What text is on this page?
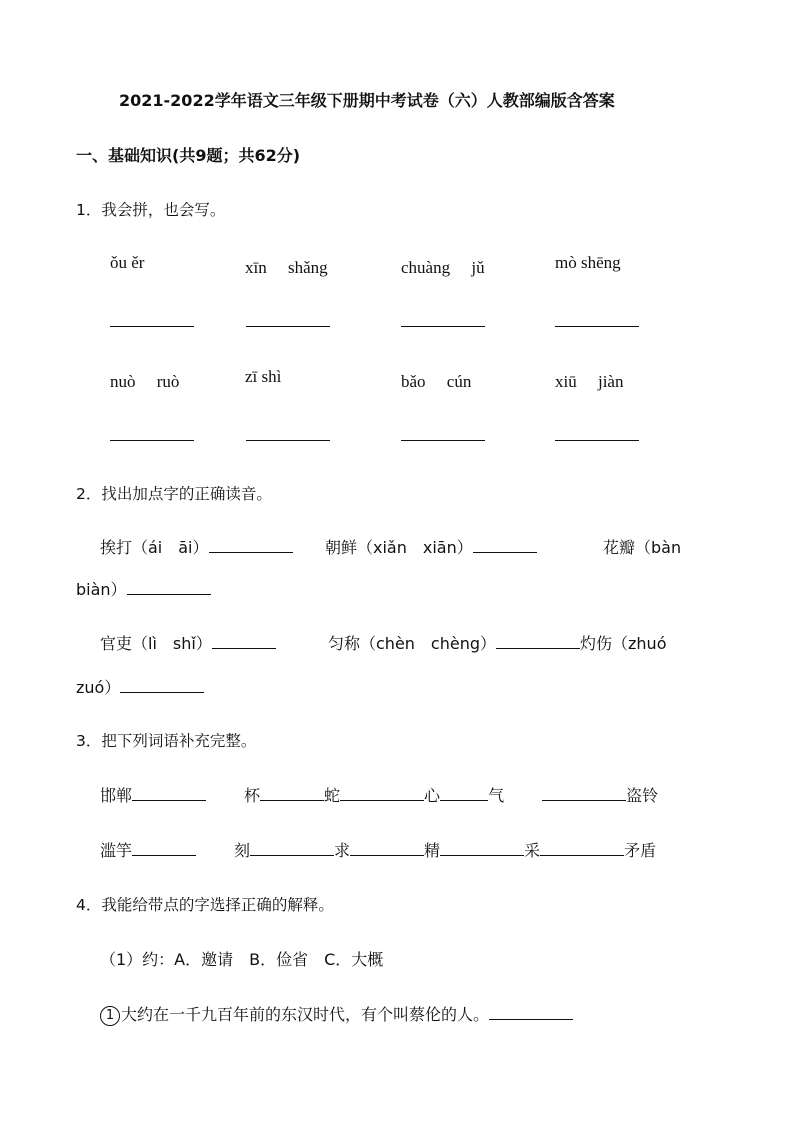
2021-2022学年语文三年级下册期中考试卷（六）人教部编版含答案
一、基础知识(共9题；共62分)
1．我会拼，也会写。
ǒu ěr	xīn　 shǎng	chuàng　 jǔ	mò shēng
nuò　 ruò	zī shì	bǎo　 cún	xiū　 jiàn
2．找出加点字的正确读音。
挨打（ái　āi）	朝鲜（xiǎn　xiān）	花瓣（bàn
biàn）
官吏（lì　shǐ）	匀称（chèn　chèng）	灼伤（zhuó
zuó）
3．把下列词语补充完整。
邯郸	杯	蛇	心	气	盗铃
滥竽	刻	求	精	采	矛盾
4．我能给带点的字选择正确的解释。
（1）约：A．邀请　B．俭省　C．大概
1 大约在一千九百年前的东汉时代，有个叫蔡伦的人。
